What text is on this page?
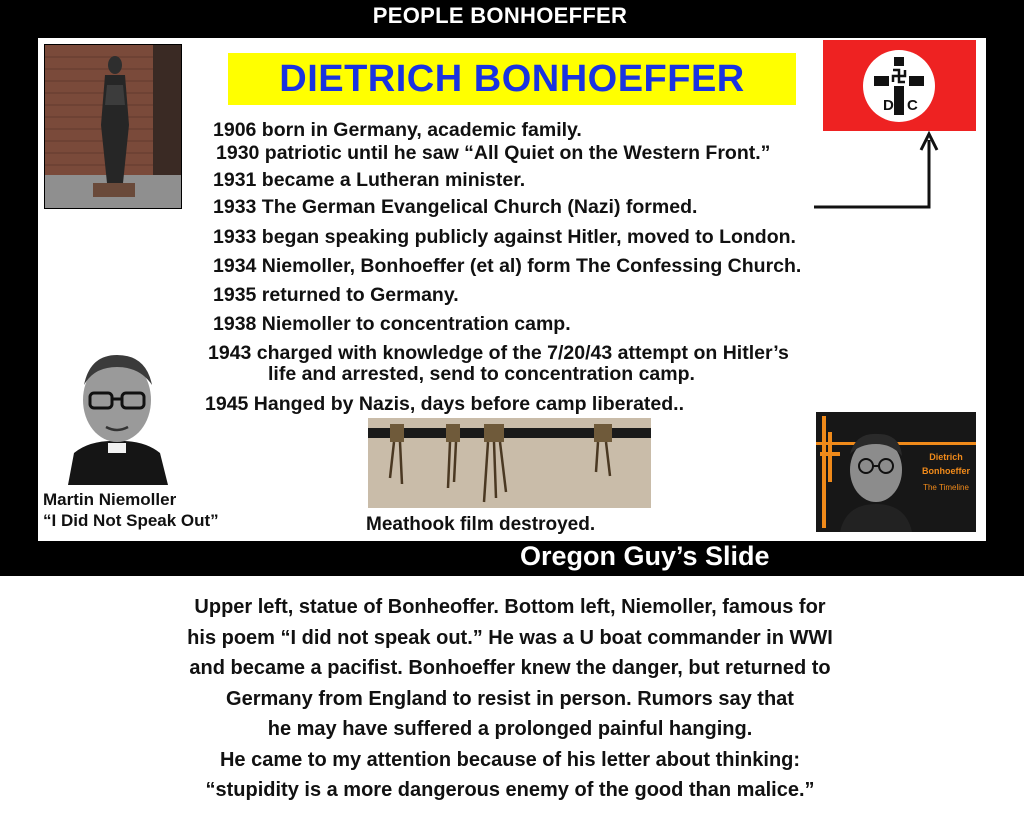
PEOPLE BONHOEFFER
DIETRICH BONHOEFFER
D C
1906 born in Germany, academic family.
1930 patriotic until he saw “All Quiet on the Western Front.”
1931 became a Lutheran minister.
1933 The German Evangelical Church (Nazi) formed.
1933 began speaking publicly against Hitler, moved to London.
1934 Niemoller, Bonhoeffer (et al) form The Confessing Church.
1935 returned to Germany.
1938 Niemoller to concentration camp.
1943 charged with knowledge of the 7/20/43 attempt on Hitler’s
life and arrested, send to concentration camp.
1945 Hanged by Nazis, days before camp liberated..
Martin Niemoller
“I Did Not Speak Out”	Meathook film destroyed.
Dietrich
Bonhoeffer
The Timeline
Oregon Guy’s Slide
Upper left, statue of Bonheoffer. Bottom left, Niemoller, famous for
his poem “I did not speak out.” He was a U boat commander in WWI
and became a pacifist. Bonhoeffer knew the danger, but returned to
Germany from England to resist in person. Rumors say that
he may have suffered a prolonged painful hanging.
He came to my attention because of his letter about thinking:
“stupidity is a more dangerous enemy of the good than malice.”
